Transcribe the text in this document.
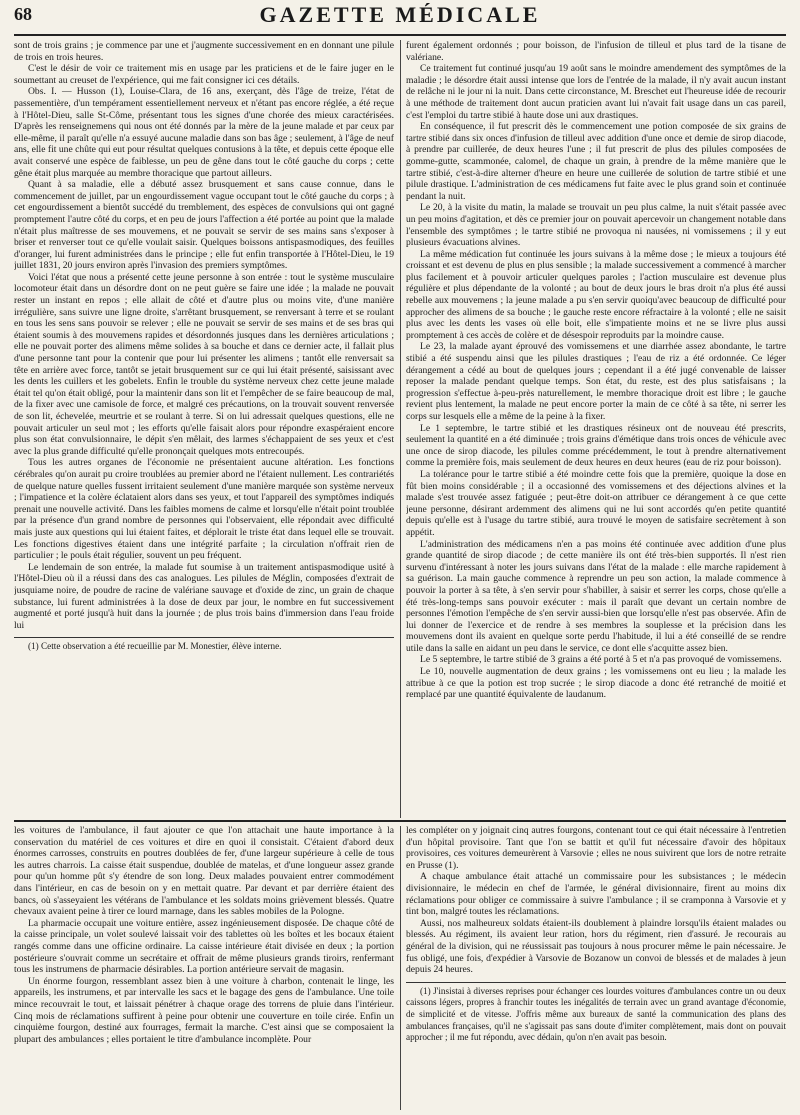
68	GAZETTE MÉDICALE

sont de trois grains ; je commence par une et j'augmente successivement en en donnant une pilule de trois en trois heures.

C'est le désir de voir ce traitement mis en usage par les praticiens et de le faire juger en le soumettant au creuset de l'expérience, qui me fait consigner ici ces détails.

Obs. I. — Husson (1), Louise-Clara, de 16 ans, exerçant, dès l'âge de treize, l'état de passementière, d'un tempérament essentiellement nerveux et n'étant pas encore réglée, a été reçue à l'Hôtel-Dieu, salle St-Côme, présentant tous les signes d'une chorée des mieux caractérisées. D'après les renseignemens qui nous ont été donnés par la mère de la jeune malade et par ceux par elle-même, il paraît qu'elle n'a essuyé aucune maladie dans son bas âge ; seulement, à l'âge de neuf ans, elle fit une chûte qui eut pour résultat quelques contusions à la tête, et depuis cette époque elle avait conservé une espèce de faiblesse, un peu de gêne dans tout le côté gauche du corps ; cette gêne était plus marquée au membre thoracique que partout ailleurs.

Quant à sa maladie, elle a débuté assez brusquement et sans cause connue, dans le commencement de juillet, par un engourdissement vague occupant tout le côté gauche du corps ; à cet engourdissement a bientôt succédé du tremblement, des espèces de convulsions qui ont gagné promptement l'autre côté du corps, et en peu de jours l'affection a été portée au point que la malade n'était plus maîtresse de ses mouvemens, et ne pouvait se servir de ses mains sans s'exposer à briser et renverser tout ce qu'elle voulait saisir. Quelques boissons antispasmodiques, des feuilles d'oranger, lui furent administrées dans le principe ; elle fut enfin transportée à l'Hôtel-Dieu, le 19 juillet 1831, 20 jours environ après l'invasion des premiers symptômes.

Voici l'état que nous a présenté cette jeune personne à son entrée : tout le système musculaire locomoteur était dans un désordre dont on ne peut guère se faire une idée ; la malade ne pouvait rester un instant en repos ; elle allait de côté et d'autre plus ou moins vite, d'une manière irrégulière, sans suivre une ligne droite, s'arrêtant brusquement, se renversant à terre et se roulant en tous les sens sans pouvoir se relever ; elle ne pouvait se servir de ses mains et de ses bras qui étaient soumis à des mouvemens rapides et désordonnés jusques dans les dernières articulations ; elle ne pouvait porter des alimens même solides à sa bouche et dans ce dernier acte, il fallait plus d'une personne tant pour la contenir que pour lui présenter les alimens ; tantôt elle renversait sa tête en arrière avec force, tantôt se jetait brusquement sur ce qui lui était présenté, saisissant avec les dents les cuillers et les gobelets. Enfin le trouble du système nerveux chez cette jeune malade était tel qu'on était obligé, pour la maintenir dans son lit et l'empêcher de se faire beaucoup de mal, de la fixer avec une camisole de force, et malgré ces précautions, on la trouvait souvent renversée de son lit, échevelée, meurtrie et se roulant à terre. Si on lui adressait quelques questions, elle ne pouvait articuler un seul mot ; les efforts qu'elle faisait alors pour répondre exaspéraient encore plus son état convulsionnaire, le dépit s'en mêlait, des larmes s'échappaient de ses yeux et c'est avec la plus grande difficulté qu'elle prononçait quelques mots entrecoupés.

Tous les autres organes de l'économie ne présentaient aucune altération. Les fonctions cérébrales qu'on aurait pu croire troublées au premier abord ne l'étaient nullement. Les contrariétés de quelque nature quelles fussent irritaient seulement d'une manière marquée son système nerveux ; l'impatience et la colère éclataient alors dans ses yeux, et tout l'appareil des symptômes indiqués prenait une nouvelle activité. Dans les faibles momens de calme et lorsqu'elle n'était point troublée par la présence d'un grand nombre de personnes qui l'observaient, elle répondait avec difficulté mais juste aux questions qui lui étaient faites, et déplorait le triste état dans lequel elle se trouvait. Les fonctions digestives étaient dans une intégrité parfaite ; la circulation n'offrait rien de particulier ; le pouls était régulier, souvent un peu fréquent.

Le lendemain de son entrée, la malade fut soumise à un traitement antispasmodique usité à l'Hôtel-Dieu où il a réussi dans des cas analogues. Les pilules de Méglin, composées d'extrait de jusquiame noire, de poudre de racine de valériane sauvage et d'oxide de zinc, un grain de chaque substance, lui furent administrées à la dose de deux par jour, le nombre en fut successivement augmenté et porté jusqu'à huit dans la journée ; de plus trois bains d'immersion dans l'eau froide lui

(1) Cette observation a été recueillie par M. Monestier, élève interne.

furent également ordonnés ; pour boisson, de l'infusion de tilleul et plus tard de la tisane de valériane.

Ce traitement fut continué jusqu'au 19 août sans le moindre amendement des symptômes de la maladie ; le désordre était aussi intense que lors de l'entrée de la malade, il n'y avait aucun instant de relâche ni le jour ni la nuit. Dans cette circonstance, M. Breschet eut l'heureuse idée de recourir à une méthode de traitement dont aucun praticien avant lui n'avait fait usage dans un cas pareil, c'est l'emploi du tartre stibié à haute dose uni aux drastiques.

En conséquence, il fut prescrit dès le commencement une potion composée de six grains de tartre stibié dans six onces d'infusion de tilleul avec addition d'une once et demie de sirop diacode, à prendre par cuillerée, de deux heures l'une ; il fut prescrit de plus des pilules composées de gomme-gutte, scammonée, calomel, de chaque un grain, à prendre de la même manière que le tartre stibié, c'est-à-dire alterner d'heure en heure une cuillerée de solution de tartre stibié et une pilule drastique. L'administration de ces médicamens fut faite avec le plus grand soin et continuée pendant la nuit.

Le 20, à la visite du matin, la malade se trouvait un peu plus calme, la nuit s'était passée avec un peu moins d'agitation, et dès ce premier jour on pouvait apercevoir un changement notable dans l'ensemble des symptômes ; le tartre stibié ne provoqua ni nausées, ni vomissemens ; il y eut plusieurs évacuations alvines.

La même médication fut continuée les jours suivans à la même dose ; le mieux a toujours été croissant et est devenu de plus en plus sensible ; la malade successivement a commencé à marcher plus facilement et à pouvoir articuler quelques paroles ; l'action musculaire est devenue plus régulière et plus dépendante de la volonté ; au bout de deux jours le bras droit n'a plus été aussi rebelle aux mouvemens ; la jeune malade a pu s'en servir quoiqu'avec beaucoup de difficulté pour approcher des alimens de sa bouche ; le gauche reste encore réfractaire à la volonté ; elle ne saisit plus avec les dents les vases où elle boit, elle s'impatiente moins et ne se livre plus aussi promptement à ces accès de colère et de désespoir reproduits par la moindre cause.

Le 23, la malade ayant éprouvé des vomissemens et une diarrhée assez abondante, le tartre stibié a été suspendu ainsi que les pilules drastiques ; l'eau de riz a été ordonnée. Ce léger dérangement a cédé au bout de quelques jours ; cependant il a été jugé convenable de laisser reposer la malade pendant quelque temps. Son état, du reste, est des plus satisfaisans ; la progression s'effectue à-peu-près naturellement, le membre thoracique droit est libre ; le gauche revient plus lentement, la malade ne peut encore porter la main de ce côté à sa tête, ni serrer les corps sur lesquels elle a même de la peine à la fixer.

Le 1 septembre, le tartre stibié et les drastiques résineux ont de nouveau été prescrits, seulement la quantité en a été diminuée ; trois grains d'émétique dans trois onces de véhicule avec une once de sirop diacode, les pilules comme précédemment, le tout à prendre alternativement comme la première fois, mais seulement de deux heures en deux heures (eau de riz pour boisson).

La tolérance pour le tartre stibié a été moindre cette fois que la première, quoique la dose en fût bien moins considérable ; il a occasionné des vomissemens et des déjections alvines et la malade s'est trouvée assez fatiguée ; peut-être doit-on attribuer ce dérangement à ce que cette jeune personne, désirant ardemment des alimens qui ne lui sont accordés qu'en petite quantité depuis qu'elle est à l'usage du tartre stibié, aura trouvé le moyen de satisfaire secrètement à son appétit.

L'administration des médicamens n'en a pas moins été continuée avec addition d'une plus grande quantité de sirop diacode ; de cette manière ils ont été très-bien supportés. Il n'est rien survenu d'intéressant à noter les jours suivans dans l'état de la malade : elle marche rapidement à sa guérison. La main gauche commence à reprendre un peu son action, la malade commence à pouvoir la porter à sa tête, à s'en servir pour s'habiller, à saisir et serrer les corps, chose qu'elle a été très-long-temps sans pouvoir exécuter : mais il paraît que devant un certain nombre de personnes l'émotion l'empêche de s'en servir aussi-bien que lorsqu'elle n'est pas observée. Afin de lui donner de l'exercice et de rendre à ses membres la souplesse et la précision dans les mouvemens dont ils avaient en quelque sorte perdu l'habitude, il lui a été conseillé de se rendre utile dans la salle en aidant un peu dans le service, ce dont elle s'acquitte assez bien.

Le 5 septembre, le tartre stibié de 3 grains a été porté à 5 et n'a pas provoqué de vomissemens.

Le 10, nouvelle augmentation de deux grains ; les vomissemens ont eu lieu ; la malade les attribue à ce que la potion est trop sucrée ; le sirop diacode a donc été retranché de moitié et remplacé par une quantité équivalente de laudanum.

les voitures de l'ambulance, il faut ajouter ce que l'on attachait une haute importance à la conservation du matériel de ces voitures et dire en quoi il consistait. C'étaient d'abord deux énormes carrosses, construits en poutres doublées de fer, d'une largeur supérieure à celle de tous les autres charrois. La caisse était suspendue, doublée de matelas, et d'une longueur assez grande pour qu'un homme pût s'y étendre de son long. Deux malades pouvaient entrer commodément dans l'intérieur, en cas de besoin on y en mettait quatre. Par devant et par derrière étaient des bancs, où s'asseyaient les vétérans de l'ambulance et les soldats moins grièvement blessés. Quatre chevaux avaient peine à tirer ce lourd marnage, dans les sables mobiles de la Pologne.

La pharmacie occupait une voiture entière, assez ingénieusement disposée. De chaque côté de la caisse principale, un volet soulevé laissait voir des tablettes où les boîtes et les bocaux étaient rangés comme dans une officine ordinaire. La caisse intérieure était divisée en deux ; la portion postérieure s'ouvrait comme un secrétaire et offrait de même plusieurs grands tiroirs, renfermant tous les instrumens de pharmacie désirables. La portion antérieure servait de magasin.

Un énorme fourgon, ressemblant assez bien à une voiture à charbon, contenait le linge, les appareils, les instrumens, et par intervalle les sacs et le bagage des gens de l'ambulance. Une toile mince recouvrait le tout, et laissait pénétrer à chaque orage des torrens de pluie dans l'intérieur. Cinq mois de réclamations suffirent à peine pour obtenir une couverture en toile cirée. Enfin un cinquième fourgon, destiné aux fourrages, fermait la marche. C'est ainsi que se composaient la plupart des ambulances ; elles portaient le titre d'ambulance incomplète. Pour

les compléter on y joignait cinq autres fourgons, contenant tout ce qui était nécessaire à l'entretien d'un hôpital provisoire. Tant que l'on se battit et qu'il fut nécessaire d'avoir des hôpitaux provisoires, ces voitures demeurèrent à Varsovie ; elles ne nous suivirent que lors de notre retraite en Prusse (1).

A chaque ambulance était attaché un commissaire pour les subsistances ; le médecin divisionnaire, le médecin en chef de l'armée, le général divisionnaire, firent au moins dix réclamations pour obliger ce commissaire à suivre l'ambulance ; il se cramponna à Varsovie et y tint bon, malgré toutes les réclamations.

Aussi, nos malheureux soldats étaient-ils doublement à plaindre lorsqu'ils étaient malades ou blessés. Au régiment, ils avaient leur ration, hors du régiment, rien d'assuré. Je recourais au général de la division, qui ne réussissait pas toujours à nous procurer même le pain nécessaire. Je fus obligé, une fois, d'expédier à Varsovie de Bozanow un convoi de blessés et de malades à jeun depuis 24 heures.

(1) J'insistai à diverses reprises pour échanger ces lourdes voitures d'ambulances contre un ou deux caissons légers, propres à franchir toutes les inégalités de terrain avec un grand avantage d'économie, de simplicité et de vitesse. J'offris même aux bureaux de santé la communication des plans des ambulances françaises, qu'il ne s'agissait pas sans doute d'imiter complètement, mais dont on pouvait approcher ; il me fut répondu, avec dédain, qu'on n'en avait pas besoin.
